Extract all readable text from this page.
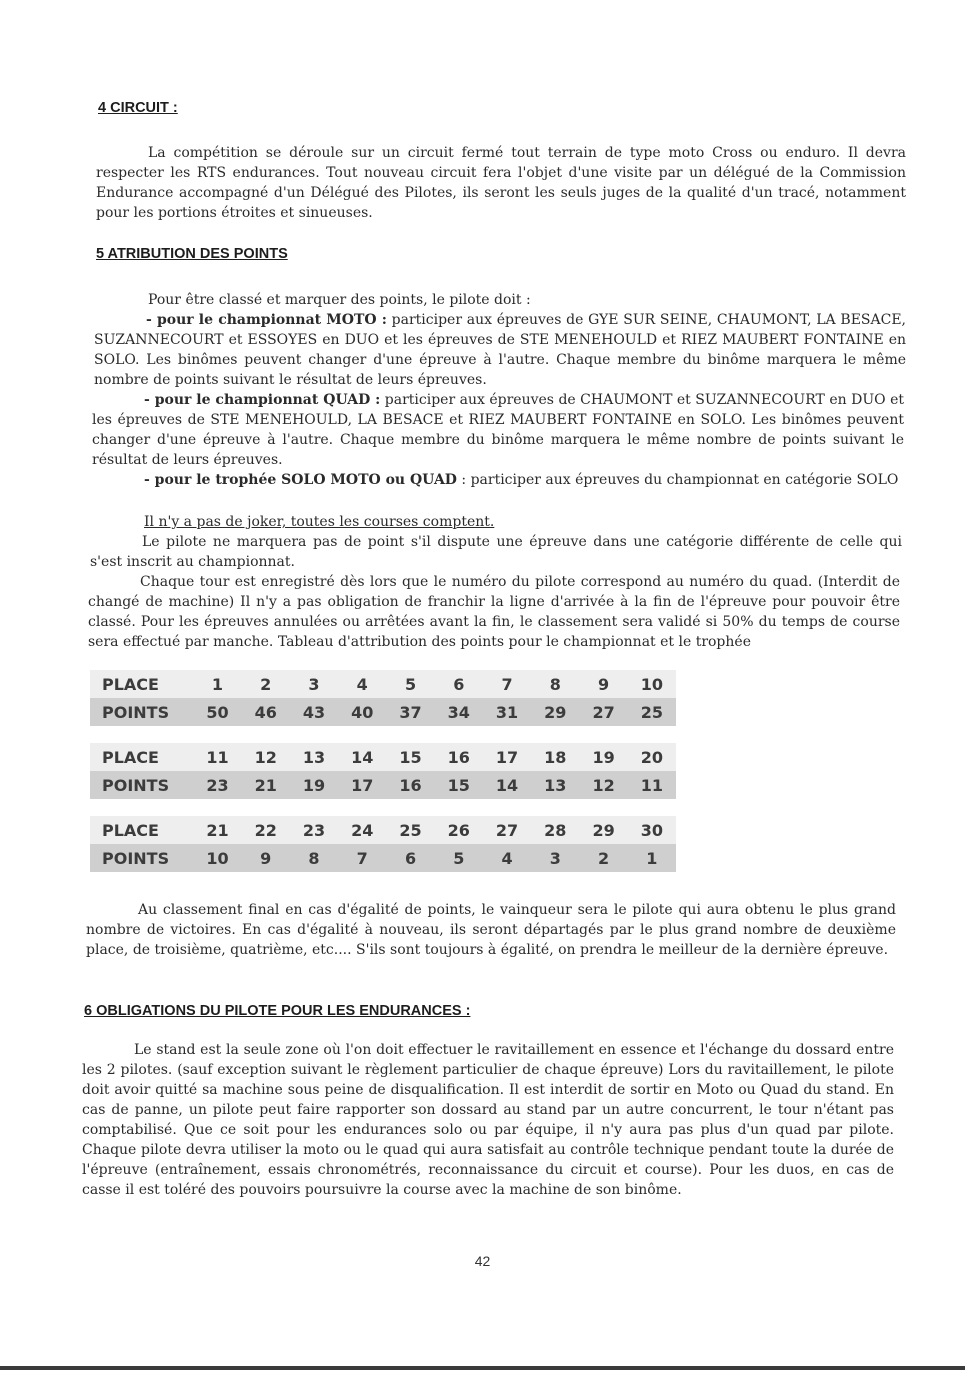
4 CIRCUIT :

La compétition se déroule sur un circuit fermé tout terrain de type moto Cross ou enduro. Il devra respecter les RTS endurances. Tout nouveau circuit fera l'objet d'une visite par un délégué de la Commission Endurance accompagné d'un Délégué des Pilotes, ils seront les seuls juges de la qualité d'un tracé, notamment pour les portions étroites et sinueuses.

5 ATRIBUTION DES POINTS

Pour être classé et marquer des points, le pilote doit :

- pour le championnat MOTO : participer aux épreuves de GYE SUR SEINE, CHAUMONT, LA BESACE, SUZANNECOURT et ESSOYES en DUO et les épreuves de STE MENEHOULD et RIEZ MAUBERT FONTAINE en SOLO. Les binômes peuvent changer d'une épreuve à l'autre. Chaque membre du binôme marquera le même nombre de points suivant le résultat de leurs épreuves.

- pour le championnat QUAD : participer aux épreuves de CHAUMONT et SUZANNECOURT en DUO et les épreuves de STE MENEHOULD, LA BESACE et RIEZ MAUBERT FONTAINE en SOLO. Les binômes peuvent changer d'une épreuve à l'autre. Chaque membre du binôme marquera le même nombre de points suivant le résultat de leurs épreuves.

- pour le trophée SOLO MOTO ou QUAD : participer aux épreuves du championnat en catégorie SOLO

Il n'y a pas de joker, toutes les courses comptent.

Le pilote ne marquera pas de point s'il dispute une épreuve dans une catégorie différente de celle qui s'est inscrit au championnat.

Chaque tour est enregistré dès lors que le numéro du pilote correspond au numéro du quad. (Interdit de changé de machine) Il n'y a pas obligation de franchir la ligne d'arrivée à la fin de l'épreuve pour pouvoir être classé. Pour les épreuves annulées ou arrêtées avant la fin, le classement sera validé si 50% du temps de course sera effectué par manche. Tableau d'attribution des points pour le championnat et le trophée

PLACE	1	2	3	4	5	6	7	8	9	10
POINTS	50	46	43	40	37	34	31	29	27	25

PLACE	11	12	13	14	15	16	17	18	19	20
POINTS	23	21	19	17	16	15	14	13	12	11

PLACE	21	22	23	24	25	26	27	28	29	30
POINTS	10	9	8	7	6	5	4	3	2	1

Au classement final en cas d'égalité de points, le vainqueur sera le pilote qui aura obtenu le plus grand nombre de victoires. En cas d'égalité à nouveau, ils seront départagés par le plus grand nombre de deuxième place, de troisième, quatrième, etc.... S'ils sont toujours à égalité, on prendra le meilleur de la dernière épreuve.

6 OBLIGATIONS DU PILOTE POUR LES ENDURANCES :

Le stand est la seule zone où l'on doit effectuer le ravitaillement en essence et l'échange du dossard entre les 2 pilotes. (sauf exception suivant le règlement particulier de chaque épreuve) Lors du ravitaillement, le pilote doit avoir quitté sa machine sous peine de disqualification. Il est interdit de sortir en Moto ou Quad du stand. En cas de panne, un pilote peut faire rapporter son dossard au stand par un autre concurrent, le tour n'étant pas comptabilisé. Que ce soit pour les endurances solo ou par équipe, il n'y aura pas plus d'un quad par pilote. Chaque pilote devra utiliser la moto ou le quad qui aura satisfait au contrôle technique pendant toute la durée de l'épreuve (entraînement, essais chronométrés, reconnaissance du circuit et course). Pour les duos, en cas de casse il est toléré des pouvoirs poursuivre la course avec la machine de son binôme.

42
